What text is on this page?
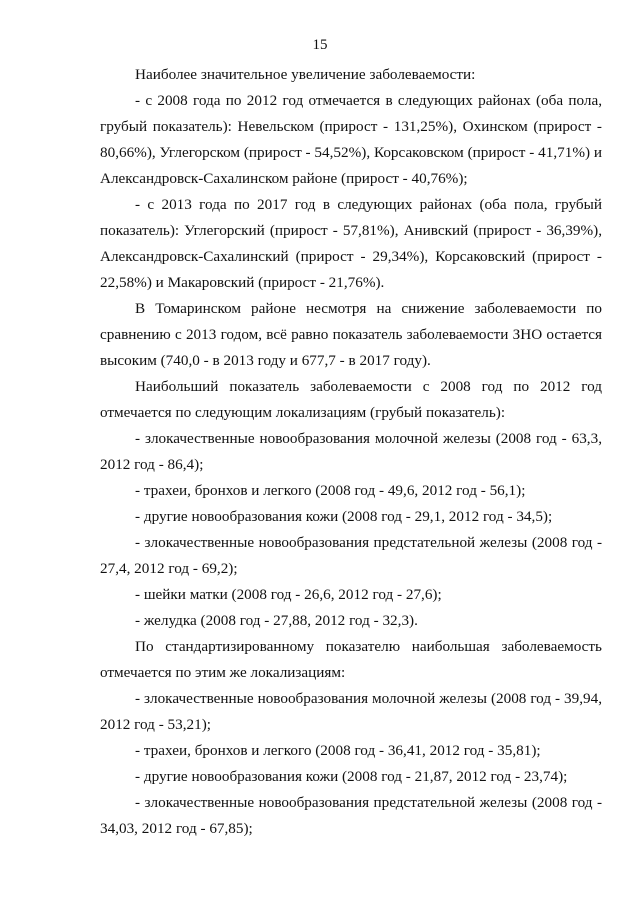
15

Наиболее значительное увеличение заболеваемости:

- с 2008 года по 2012 год отмечается в следующих районах (оба пола, грубый показатель): Невельском (прирост - 131,25%), Охинском (прирост - 80,66%), Углегорском (прирост - 54,52%), Корсаковском (прирост - 41,71%) и Александровск-Сахалинском районе (прирост - 40,76%);

- с 2013 года по 2017 год в следующих районах (оба пола, грубый показатель): Углегорский (прирост - 57,81%), Анивский (прирост - 36,39%), Александровск-Сахалинский (прирост - 29,34%), Корсаковский (прирост - 22,58%) и Макаровский (прирост - 21,76%).

В Томаринском районе несмотря на снижение заболеваемости по сравнению с 2013 годом, всё равно показатель заболеваемости ЗНО остается высоким (740,0 - в 2013 году и 677,7 - в 2017 году).

Наибольший показатель заболеваемости с 2008 год по 2012 год отмечается по следующим локализациям (грубый показатель):

- злокачественные новообразования молочной железы (2008 год - 63,3, 2012 год - 86,4);

- трахеи, бронхов и легкого (2008 год - 49,6, 2012 год - 56,1);

- другие новообразования кожи (2008 год - 29,1, 2012 год - 34,5);

- злокачественные новообразования предстательной железы (2008 год - 27,4, 2012 год - 69,2);

- шейки матки (2008 год - 26,6, 2012 год - 27,6);

- желудка (2008 год - 27,88, 2012 год - 32,3).

По стандартизированному показателю наибольшая заболеваемость отмечается по этим же локализациям:

- злокачественные новообразования молочной железы (2008 год - 39,94, 2012 год - 53,21);

- трахеи, бронхов и легкого (2008 год - 36,41, 2012 год - 35,81);

- другие новообразования кожи (2008 год - 21,87, 2012 год - 23,74);

- злокачественные новообразования предстательной железы (2008 год - 34,03, 2012 год - 67,85);
